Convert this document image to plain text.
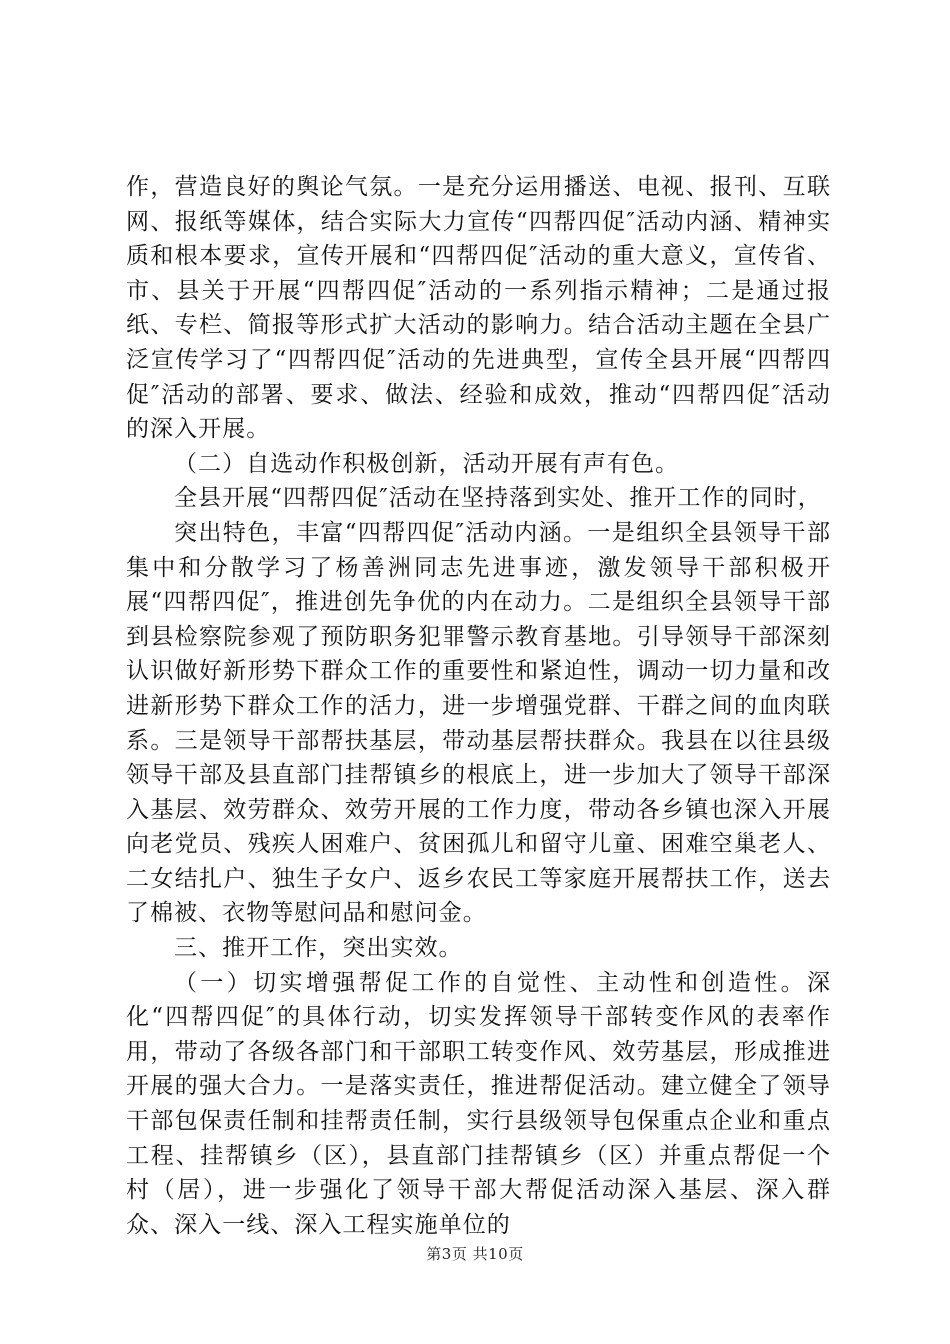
作，营造良好的舆论气氛。一是充分运用播送、电视、报刊、互联网、报纸等媒体，结合实际大力宣传“四帮四促″活动内涵、精神实质和根本要求，宣传开展和“四帮四促″活动的重大意义，宣传省、市、县关于开展“四帮四促″活动的一系列指示精神；二是通过报纸、专栏、简报等形式扩大活动的影响力。结合活动主题在全县广泛宣传学习了“四帮四促″活动的先进典型，宣传全县开展“四帮四促″活动的部署、要求、做法、经验和成效，推动“四帮四促″活动的深入开展。

（二）自选动作积极创新，活动开展有声有色。

全县开展“四帮四促″活动在坚持落到实处、推开工作的同时，

突出特色，丰富“四帮四促″活动内涵。一是组织全县领导干部集中和分散学习了杨善洲同志先进事迹，激发领导干部积极开展“四帮四促″，推进创先争优的内在动力。二是组织全县领导干部到县检察院参观了预防职务犯罪警示教育基地。引导领导干部深刻认识做好新形势下群众工作的重要性和紧迫性，调动一切力量和改进新形势下群众工作的活力，进一步增强党群、干群之间的血肉联系。三是领导干部帮扶基层，带动基层帮扶群众。我县在以往县级领导干部及县直部门挂帮镇乡的根底上，进一步加大了领导干部深入基层、效劳群众、效劳开展的工作力度，带动各乡镇也深入开展向老党员、残疾人困难户、贫困孤儿和留守儿童、困难空巢老人、二女结扎户、独生子女户、返乡农民工等家庭开展帮扶工作，送去了棉被、衣物等慰问品和慰问金。

三、推开工作，突出实效。

（一）切实增强帮促工作的自觉性、主动性和创造性。深化“四帮四促″的具体行动，切实发挥领导干部转变作风的表率作用，带动了各级各部门和干部职工转变作风、效劳基层，形成推进开展的强大合力。一是落实责任，推进帮促活动。建立健全了领导干部包保责任制和挂帮责任制，实行县级领导包保重点企业和重点工程、挂帮镇乡（区），县直部门挂帮镇乡（区）并重点帮促一个村（居），进一步强化了领导干部大帮促活动深入基层、深入群众、深入一线、深入工程实施单位的

第3页 共10页
